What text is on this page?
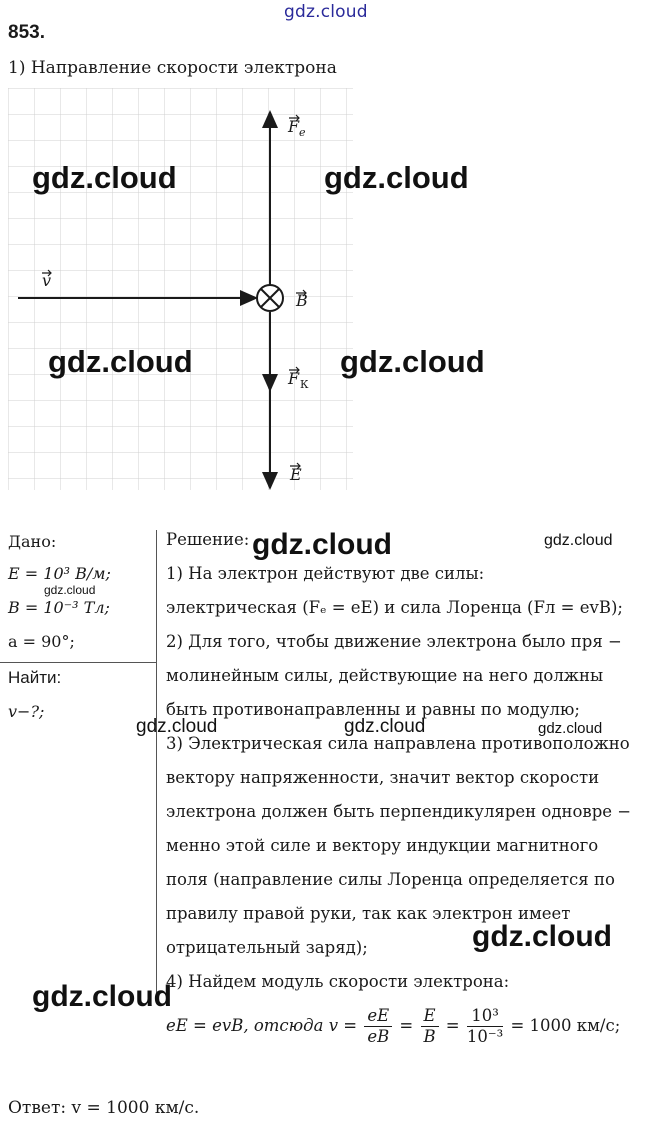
gdz.cloud
853.
1) Направление скорости электрона
F e
v
B
F К
E
gdz.cloud	gdz.cloud
gdz.cloud	gdz.cloud
Дано:
E = 10³ В/м;
gdz.cloud
B = 10⁻³ Тл;
a = 90°;
Найти:
v−?;
Решение: gdz.cloud	gdz.cloud
1) На электрон действуют две силы:
электрическая (Fₑ = eE) и сила Лоренца (Fл = evB);
2) Для того, чтобы движение электрона было пря −
молинейным силы, действующие на него должны
быть противонаправленны и равны по модулю;
gdz.cloud	gdz.cloud	gdz.cloud
3) Электрическая сила направлена противоположно
вектору напряженности, значит вектор скорости
электрона должен быть перпендикулярен одновре −
менно этой силе и вектору индукции магнитного
поля (направление силы Лоренца определяется по
правилу правой руки, так как электрон имеет
gdz.cloud
отрицательный заряд);
4) Найдем модуль скорости электрона:
gdz.cloud
eE = evB, отсюда $v = \frac{eE}{eB} = \frac{E}{B} = \frac{\text{10³}}{\text{10⁻³}} = 1000$ км/с;
Ответ: v = 1000 км/с.
